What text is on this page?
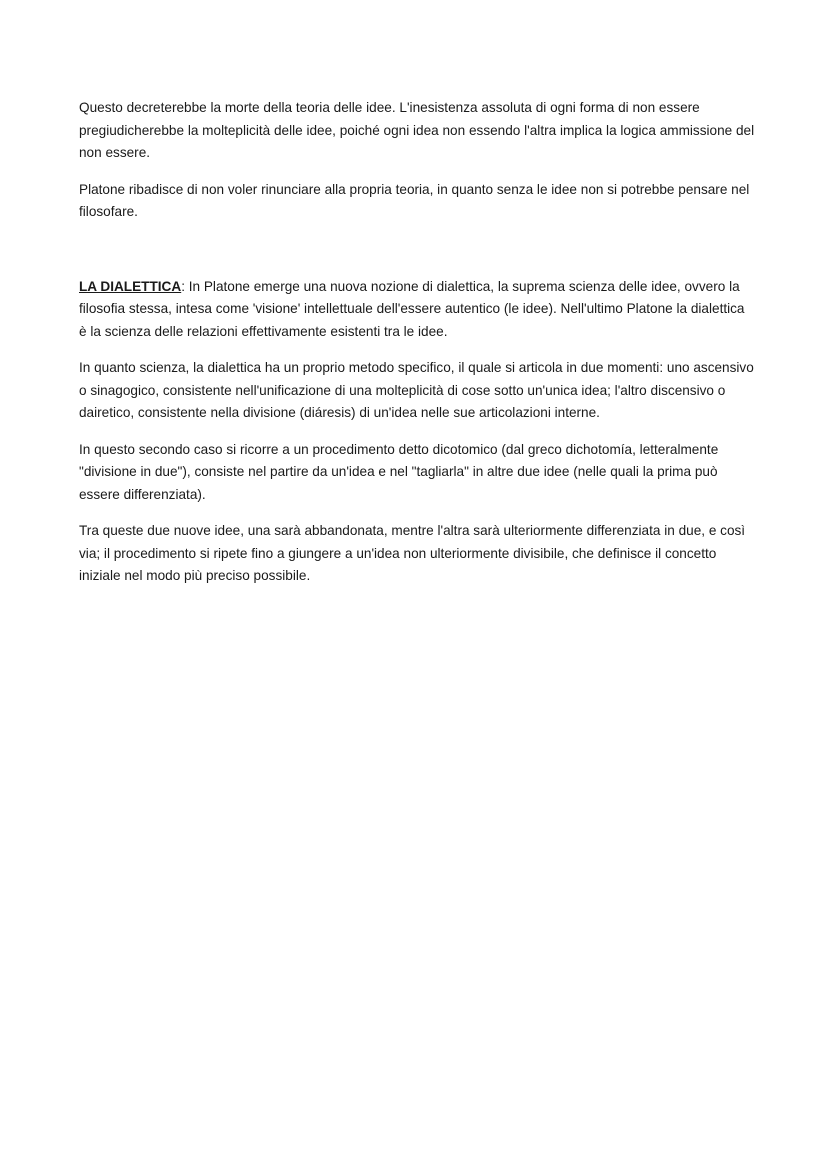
Questo decreterebbe la morte della teoria delle idee. L'inesistenza assoluta di ogni forma di non essere pregiudicherebbe la molteplicità delle idee, poiché ogni idea non essendo l'altra implica la logica ammissione del non essere.

Platone ribadisce di non voler rinunciare alla propria teoria, in quanto senza le idee non si potrebbe pensare nel filosofare.

LA DIALETTICA: In Platone emerge una nuova nozione di dialettica, la suprema scienza delle idee, ovvero la filosofia stessa, intesa come 'visione' intellettuale dell'essere autentico (le idee). Nell'ultimo Platone la dialettica è la scienza delle relazioni effettivamente esistenti tra le idee.

In quanto scienza, la dialettica ha un proprio metodo specifico, il quale si articola in due momenti: uno ascensivo o sinagogico, consistente nell'unificazione di una molteplicità di cose sotto un'unica idea; l'altro discensivo o dairetico, consistente nella divisione (diáresis) di un'idea nelle sue articolazioni interne.

In questo secondo caso si ricorre a un procedimento detto dicotomico (dal greco dichotomía, letteralmente "divisione in due"), consiste nel partire da un'idea e nel "tagliarla" in altre due idee (nelle quali la prima può essere differenziata).

Tra queste due nuove idee, una sarà abbandonata, mentre l'altra sarà ulteriormente differenziata in due, e così via; il procedimento si ripete fino a giungere a un'idea non ulteriormente divisibile, che definisce il concetto iniziale nel modo più preciso possibile.
